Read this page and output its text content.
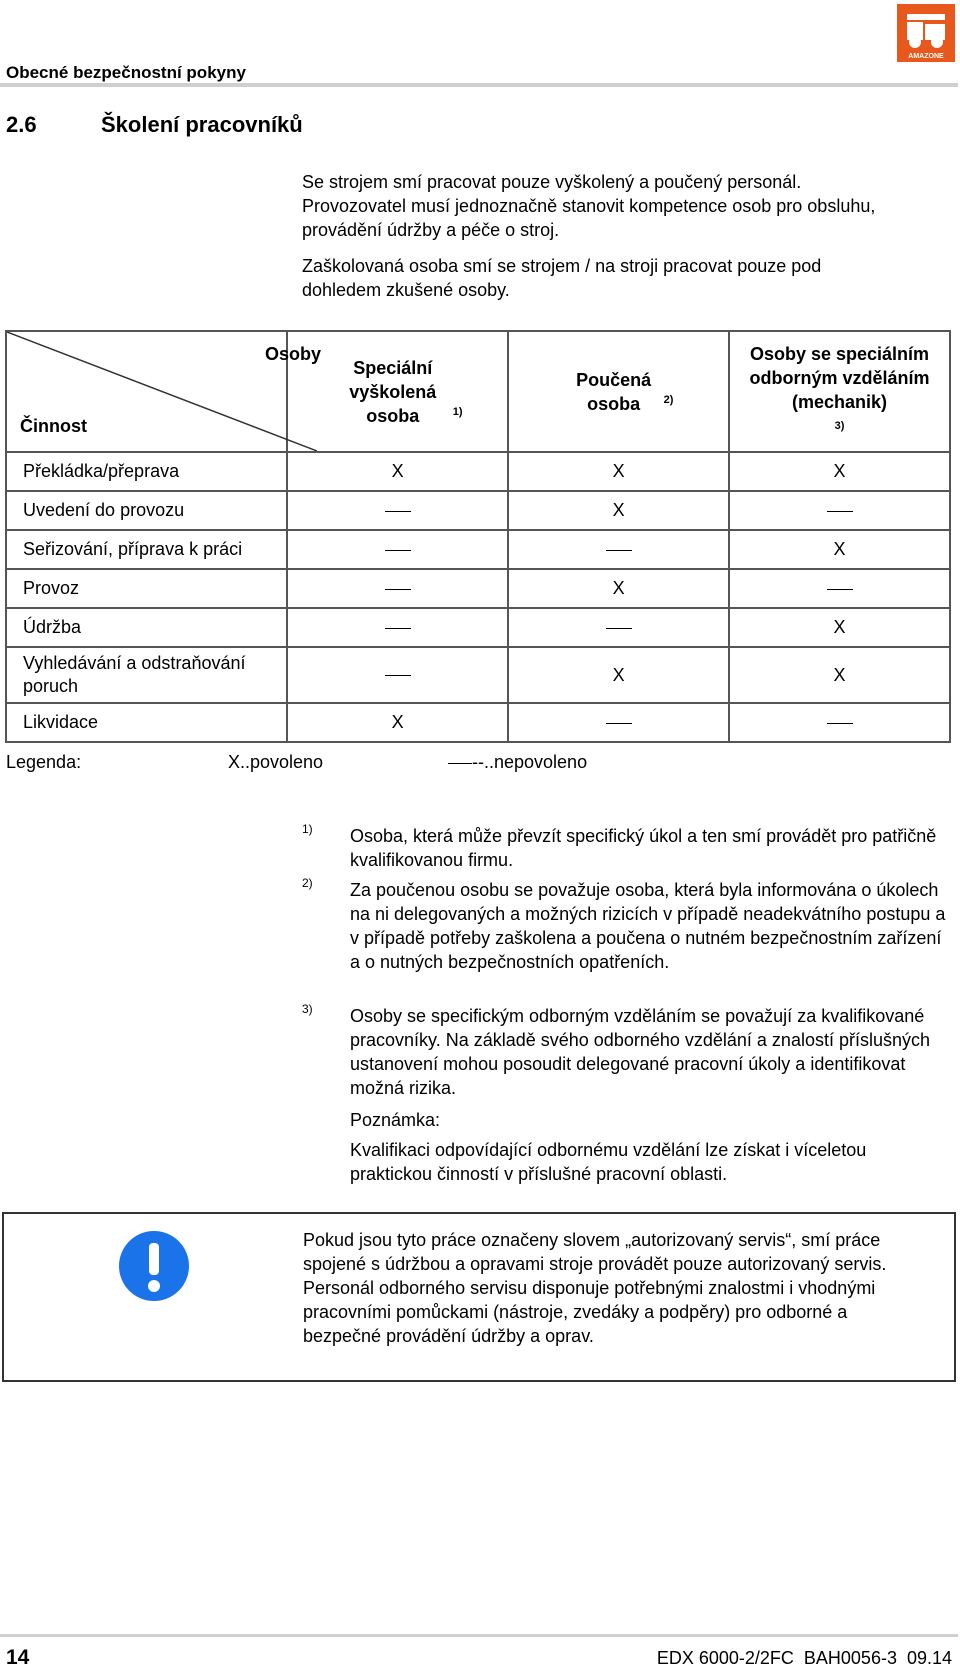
Obecné bezpečnostní pokyny
AMAZONE
2.6	Školení pracovníků
Se strojem smí pracovat pouze vyškolený a poučený personál. Provozovatel musí jednoznačně stanovit kompetence osob pro obsluhu, provádění údržby a péče o stroj.
Zaškolovaná osoba smí se strojem / na stroji pracovat pouze pod dohledem zkušené osoby.
Osoby
Činnost	Speciální vyškolená osoba $^{1)}$	Poučená osoba $^{2)}$	Osoby se speciálním odborným vzděláním (mechanik)$^{3)}$
Překládka/přeprava	X	X	X
Uvedení do provozu		X	

Seřizování, příprava k práci			X
Provoz		X	

Údržba			X
Vyhledávání a odstraňování poruch		X	X
Likvidace	X	

Legenda:	X..povoleno	--..nepovoleno
1) Osoba, která může převzít specifický úkol a ten smí provádět pro patřičně kvalifikovanou firmu.
2) Za poučenou osobu se považuje osoba, která byla informována o úkolech na ni delegovaných a možných rizicích v případě neadekvátního postupu a v případě potřeby zaškolena a poučena o nutném bezpečnostním zařízení a o nutných bezpečnostních opatřeních.
3) Osoby se specifickým odborným vzděláním se považují za kvalifikované pracovníky. Na základě svého odborného vzdělání a znalostí příslušných ustanovení mohou posoudit delegované pracovní úkoly a identifikovat možná rizika.
Poznámka:
Kvalifikaci odpovídající odbornému vzdělání lze získat i víceletou praktickou činností v příslušné pracovní oblasti.
Pokud jsou tyto práce označeny slovem „autorizovaný servis“, smí práce spojené s údržbou a opravami stroje provádět pouze autorizovaný servis. Personál odborného servisu disponuje potřebnými znalostmi i vhodnými pracovními pomůckami (nástroje, zvedáky a podpěry) pro odborné a bezpečné provádění údržby a oprav.
14	EDX 6000-2/2FC  BAH0056-3  09.14
